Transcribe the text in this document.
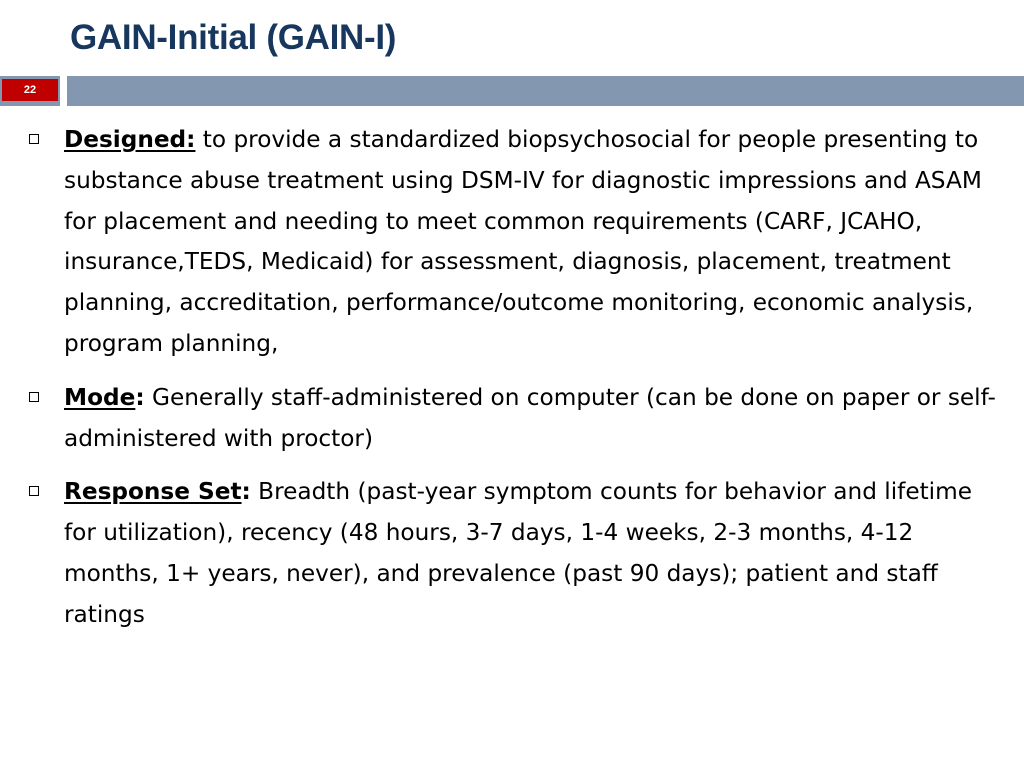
GAIN-Initial (GAIN-I)
22
Designed: to provide a standardized biopsychosocial for people presenting to substance abuse treatment using DSM-IV for diagnostic impressions and ASAM for placement and needing to meet common requirements (CARF, JCAHO, insurance,TEDS, Medicaid) for assessment, diagnosis, placement, treatment planning, accreditation, performance/outcome monitoring, economic analysis, program planning,
Mode: Generally staff-administered on computer (can be done on paper or self-administered with proctor)
Response Set: Breadth (past-year symptom counts for behavior and lifetime for utilization), recency (48 hours, 3-7 days, 1-4 weeks, 2-3 months, 4-12 months, 1+ years, never), and prevalence (past 90 days); patient and staff ratings
